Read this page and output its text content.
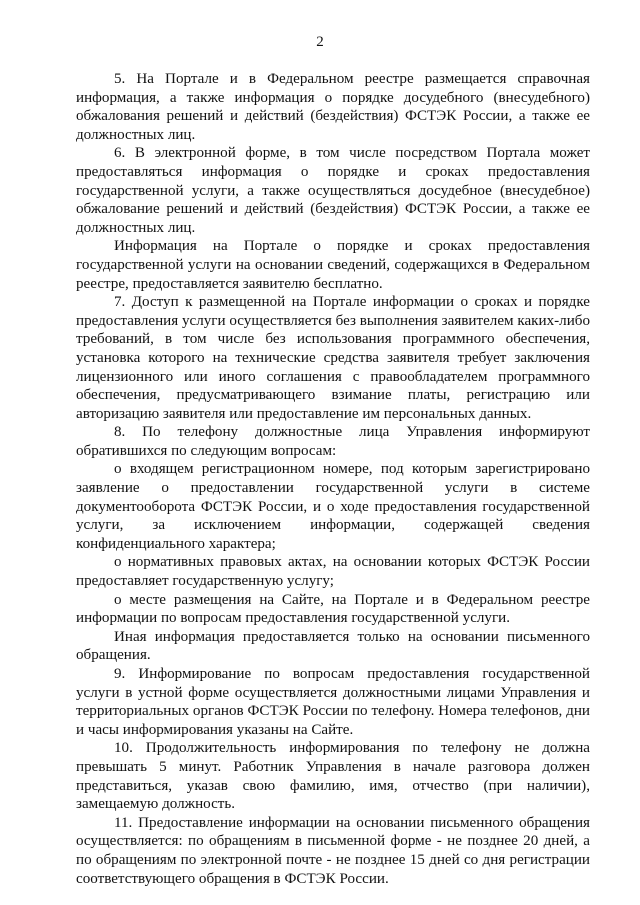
2

5. На Портале и в Федеральном реестре размещается справочная информация, а также информация о порядке досудебного (внесудебного) обжалования решений и действий (бездействия) ФСТЭК России, а также ее должностных лиц.

6. В электронной форме, в том числе посредством Портала может предоставляться информация о порядке и сроках предоставления государственной услуги, а также осуществляться досудебное (внесудебное) обжалование решений и действий (бездействия) ФСТЭК России, а также ее должностных лиц.

Информация на Портале о порядке и сроках предоставления государственной услуги на основании сведений, содержащихся в Федеральном реестре, предоставляется заявителю бесплатно.

7. Доступ к размещенной на Портале информации о сроках и порядке предоставления услуги осуществляется без выполнения заявителем каких-либо требований, в том числе без использования программного обеспечения, установка которого на технические средства заявителя требует заключения лицензионного или иного соглашения с правообладателем программного обеспечения, предусматривающего взимание платы, регистрацию или авторизацию заявителя или предоставление им персональных данных.

8. По телефону должностные лица Управления информируют обратившихся по следующим вопросам:

о входящем регистрационном номере, под которым зарегистрировано заявление о предоставлении государственной услуги в системе документооборота ФСТЭК России, и о ходе предоставления государственной услуги, за исключением информации, содержащей сведения конфиденциального характера;

о нормативных правовых актах, на основании которых ФСТЭК России предоставляет государственную услугу;

о месте размещения на Сайте, на Портале и в Федеральном реестре информации по вопросам предоставления государственной услуги.

Иная информация предоставляется только на основании письменного обращения.

9. Информирование по вопросам предоставления государственной услуги в устной форме осуществляется должностными лицами Управления и территориальных органов ФСТЭК России по телефону. Номера телефонов, дни и часы информирования указаны на Сайте.

10. Продолжительность информирования по телефону не должна превышать 5 минут. Работник Управления в начале разговора должен представиться, указав свою фамилию, имя, отчество (при наличии), замещаемую должность.

11. Предоставление информации на основании письменного обращения осуществляется: по обращениям в письменной форме - не позднее 20 дней, а по обращениям по электронной почте - не позднее 15 дней со дня регистрации соответствующего обращения в ФСТЭК России.
